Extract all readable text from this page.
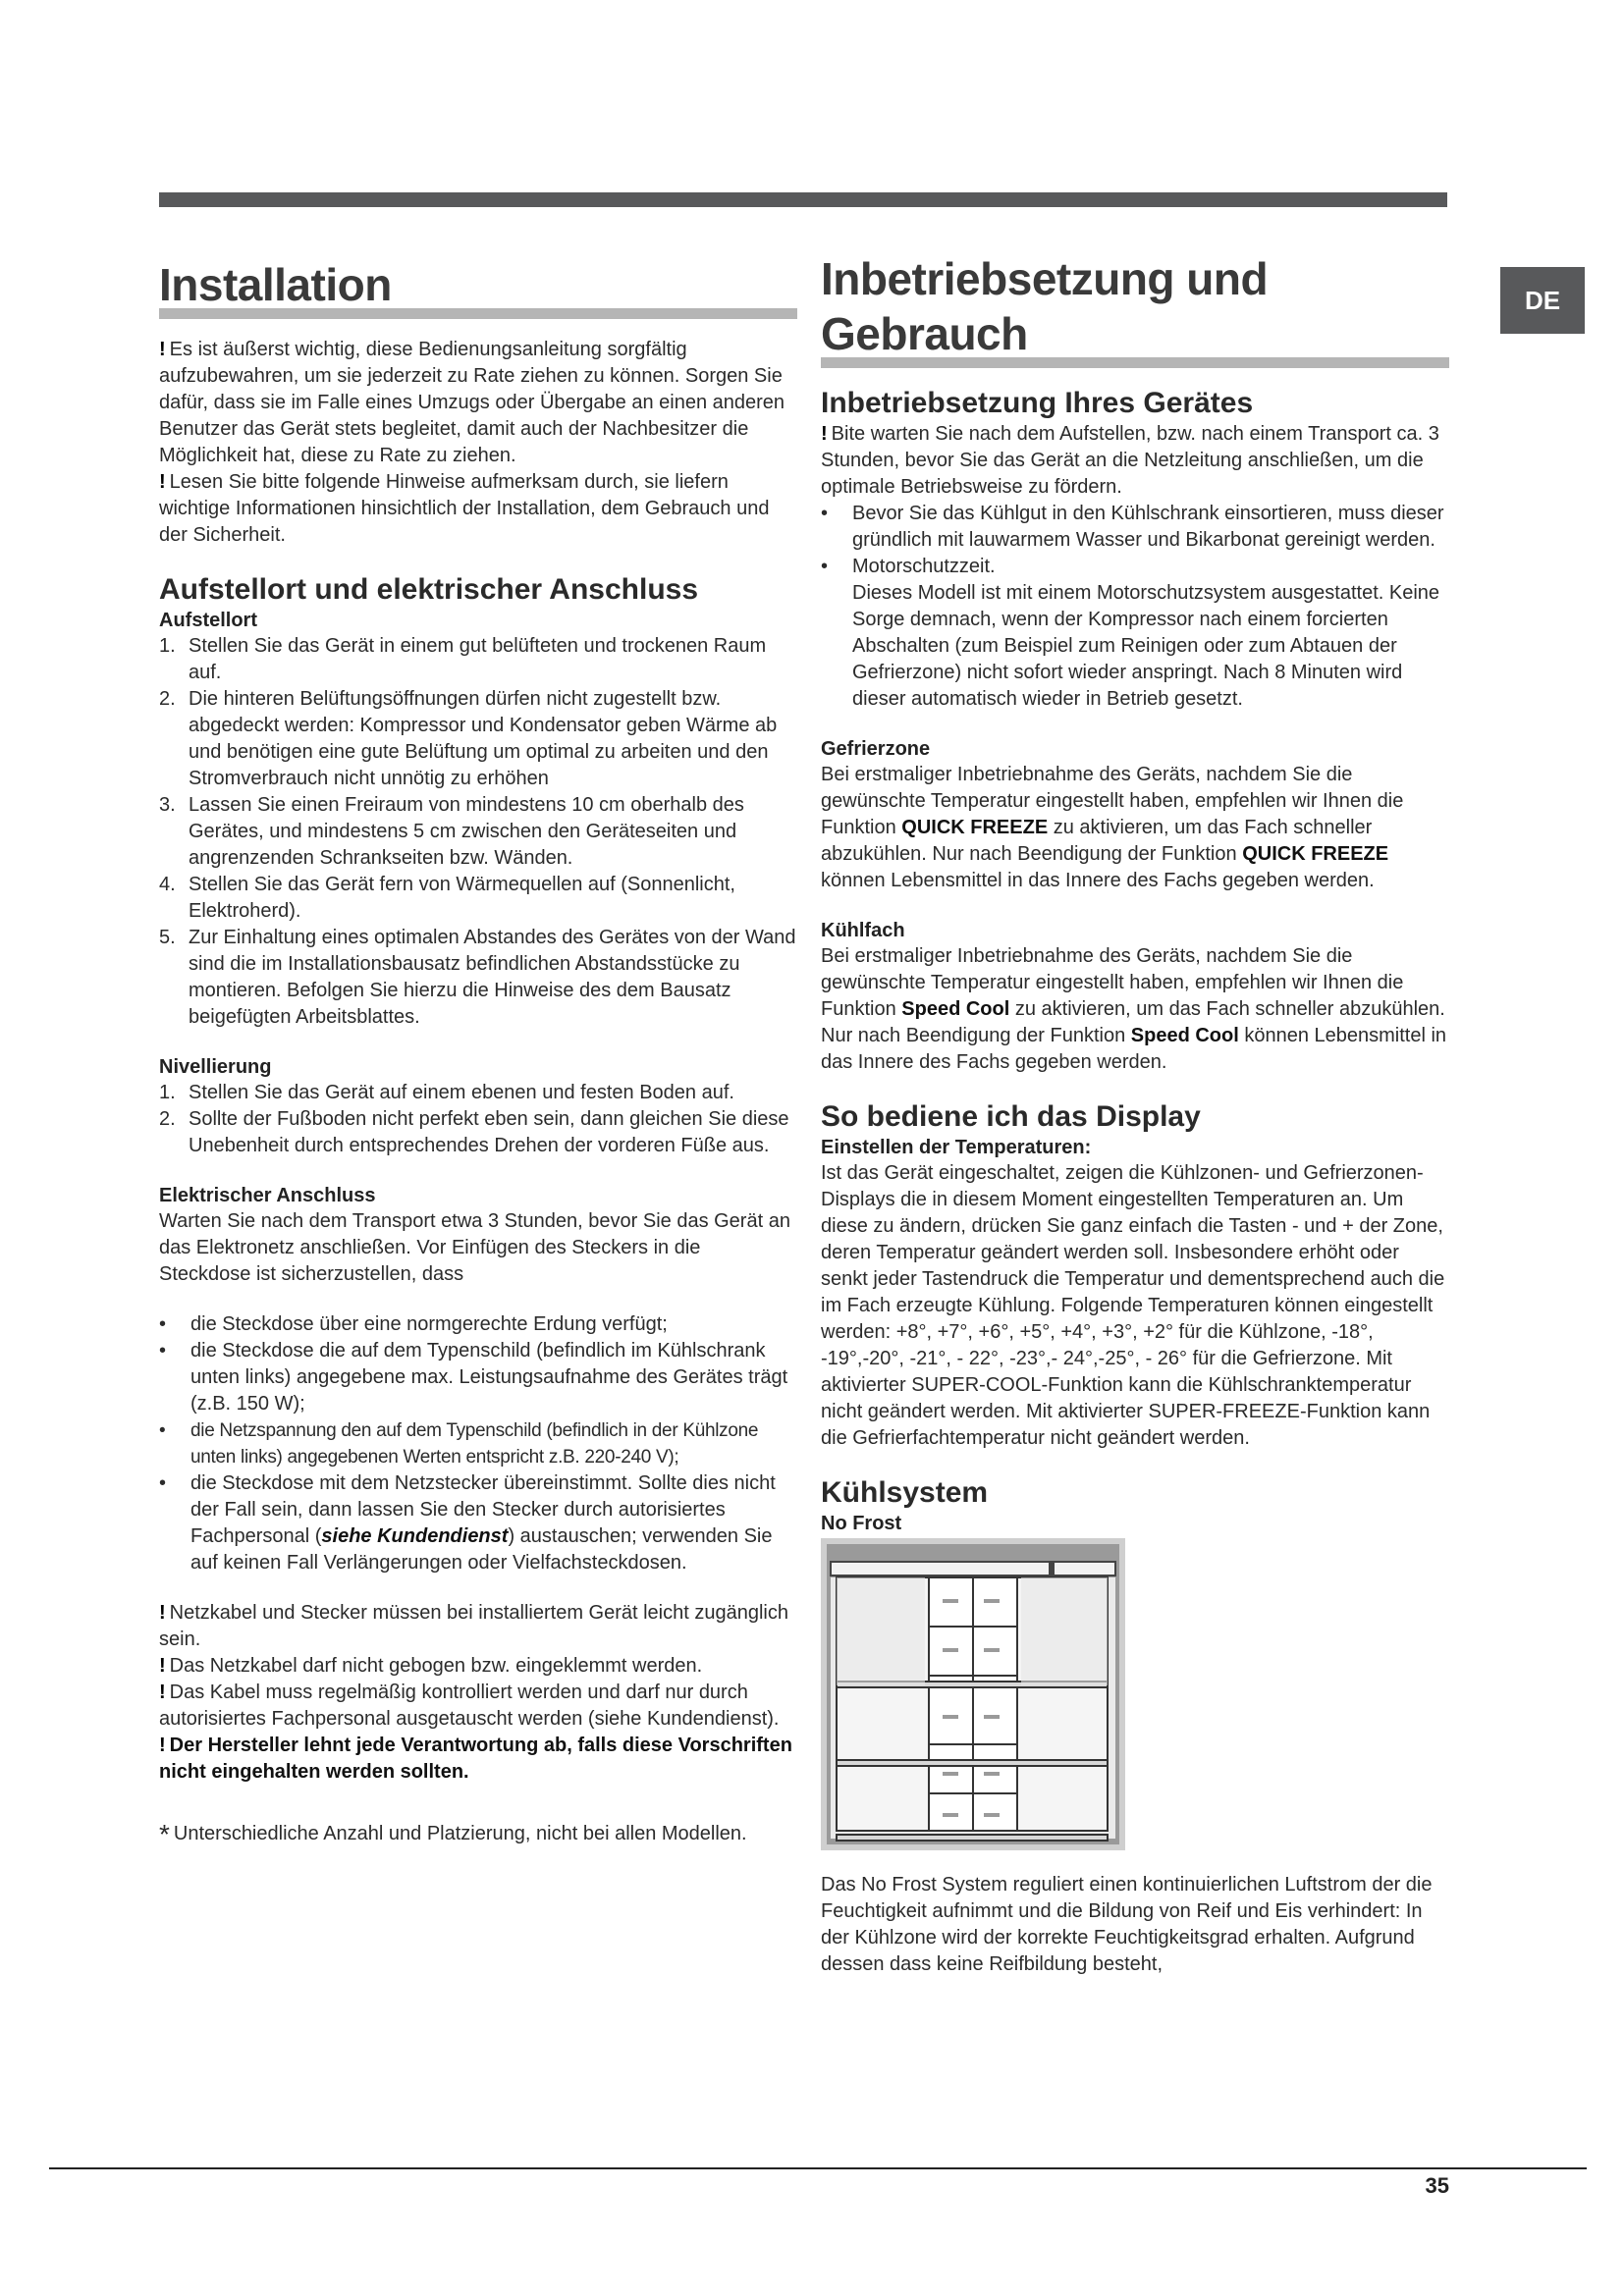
DE
Installation

! Es ist äußerst wichtig, diese Bedienungsanleitung sorgfältig aufzubewahren, um sie jederzeit zu Rate ziehen zu können. Sorgen Sie dafür, dass sie im Falle eines Umzugs oder Übergabe an einen anderen Benutzer das Gerät stets begleitet, damit auch der Nachbesitzer die Möglichkeit hat, diese zu Rate zu ziehen.

! Lesen Sie bitte folgende Hinweise aufmerksam durch, sie liefern wichtige Informationen hinsichtlich der Installation, dem Gebrauch und der Sicherheit.

Aufstellort und elektrischer Anschluss
Aufstellort
1. Stellen Sie das Gerät in einem gut belüfteten und trockenen Raum auf.
2. Die hinteren Belüftungsöffnungen dürfen nicht zugestellt bzw. abgedeckt werden: Kompressor und Kondensator geben Wärme ab und benötigen eine gute Belüftung um optimal zu arbeiten und den Stromverbrauch nicht unnötig zu erhöhen
3. Lassen Sie einen Freiraum von mindestens 10 cm oberhalb des Gerätes, und mindestens 5 cm zwischen den Geräteseiten und angrenzenden Schrankseiten bzw. Wänden.
4. Stellen Sie das Gerät fern von Wärmequellen auf (Sonnenlicht, Elektroherd).
5. Zur Einhaltung eines optimalen Abstandes des Gerätes von der Wand sind die im Installationsbausatz befindlichen Abstandsstücke zu montieren. Befolgen Sie hierzu die Hinweise des dem Bausatz beigefügten Arbeitsblattes.
Nivellierung
1. Stellen Sie das Gerät auf einem ebenen und festen Boden auf.
2. Sollte der Fußboden nicht perfekt eben sein, dann gleichen Sie diese Unebenheit durch entsprechendes Drehen der vorderen Füße aus.
Elektrischer Anschluss

Warten Sie nach dem Transport etwa 3 Stunden, bevor Sie das Gerät an das Elektronetz anschließen. Vor Einfügen des Steckers in die Steckdose ist sicherzustellen, dass

•	die Steckdose über eine normgerechte Erdung verfügt;
•	die Steckdose die auf dem Typenschild (befindlich im Kühlschrank unten links) angegebene max. Leistungsaufnahme des Gerätes trägt (z.B. 150 W);
•	die Netzspannung den auf dem Typenschild (befindlich in der Kühlzone unten links) angegebenen Werten entspricht z.B. 220-240 V);
•	die Steckdose mit dem Netzstecker übereinstimmt. Sollte dies nicht der Fall sein, dann lassen Sie den Stecker durch autorisiertes Fachpersonal (siehe Kundendienst) austauschen; verwenden Sie auf keinen Fall Verlängerungen oder Vielfachsteckdosen.

! Netzkabel und Stecker müssen bei installiertem Gerät leicht zugänglich sein.

! Das Netzkabel darf nicht gebogen bzw. eingeklemmt werden.

! Das Kabel muss regelmäßig kontrolliert werden und darf nur durch autorisiertes Fachpersonal ausgetauscht werden (siehe Kundendienst).

! Der Hersteller lehnt jede Verantwortung ab, falls diese Vorschriften nicht eingehalten werden sollten.

* Unterschiedliche Anzahl und Platzierung, nicht bei allen Modellen.

Inbetriebsetzung und
Gebrauch
Inbetriebsetzung Ihres Gerätes

! Bite warten Sie nach dem Aufstellen, bzw. nach einem Transport ca. 3 Stunden, bevor Sie das Gerät an die Netzleitung anschließen, um die optimale Betriebsweise zu fördern.

•	Bevor Sie das Kühlgut in den Kühlschrank einsortieren, muss dieser gründlich mit lauwarmem Wasser und Bikarbonat gereinigt werden.
•	Motorschutzzeit.
Dieses Modell ist mit einem Motorschutzsystem ausgestattet. Keine Sorge demnach, wenn der Kompressor nach einem forcierten Abschalten (zum Beispiel zum Reinigen oder zum Abtauen der Gefrierzone) nicht sofort wieder anspringt. Nach 8 Minuten wird dieser automatisch wieder in Betrieb gesetzt.
Gefrierzone

Bei erstmaliger Inbetriebnahme des Geräts, nachdem Sie die gewünschte Temperatur eingestellt haben, empfehlen wir Ihnen die Funktion QUICK FREEZE zu aktivieren, um das Fach schneller abzukühlen. Nur nach Beendigung der Funktion QUICK FREEZE können Lebensmittel in das Innere des Fachs gegeben werden.

Kühlfach

Bei erstmaliger Inbetriebnahme des Geräts, nachdem Sie die gewünschte Temperatur eingestellt haben, empfehlen wir Ihnen die Funktion Speed Cool zu aktivieren, um das Fach schneller abzukühlen. Nur nach Beendigung der Funktion Speed Cool können Lebensmittel in das Innere des Fachs gegeben werden.

So bediene ich das Display
Einstellen der Temperaturen:

Ist das Gerät eingeschaltet, zeigen die Kühlzonen- und Gefrierzonen-Displays die in diesem Moment eingestellten Temperaturen an. Um diese zu ändern, drücken Sie ganz einfach die Tasten - und + der Zone, deren Temperatur geändert werden soll. Insbesondere erhöht oder senkt jeder Tastendruck die Temperatur und dementsprechend auch die im Fach erzeugte Kühlung. Folgende Temperaturen können eingestellt werden: +8°, +7°, +6°, +5°, +4°, +3°, +2° für die Kühlzone, -18°, -19°,-20°, -21°, - 22°, -23°,- 24°,-25°, - 26° für die Gefrierzone. Mit aktivierter SUPER-COOL-Funktion kann die Kühlschranktemperatur nicht geändert werden. Mit aktivierter SUPER-FREEZE-Funktion kann die Gefrierfachtemperatur nicht geändert werden.

Kühlsystem
No Frost

Das No Frost System reguliert einen kontinuierlichen Luftstrom der die Feuchtigkeit aufnimmt und die Bildung von Reif und Eis verhindert: In der Kühlzone wird der korrekte Feuchtigkeitsgrad erhalten. Aufgrund dessen dass keine Reifbildung besteht,

35
